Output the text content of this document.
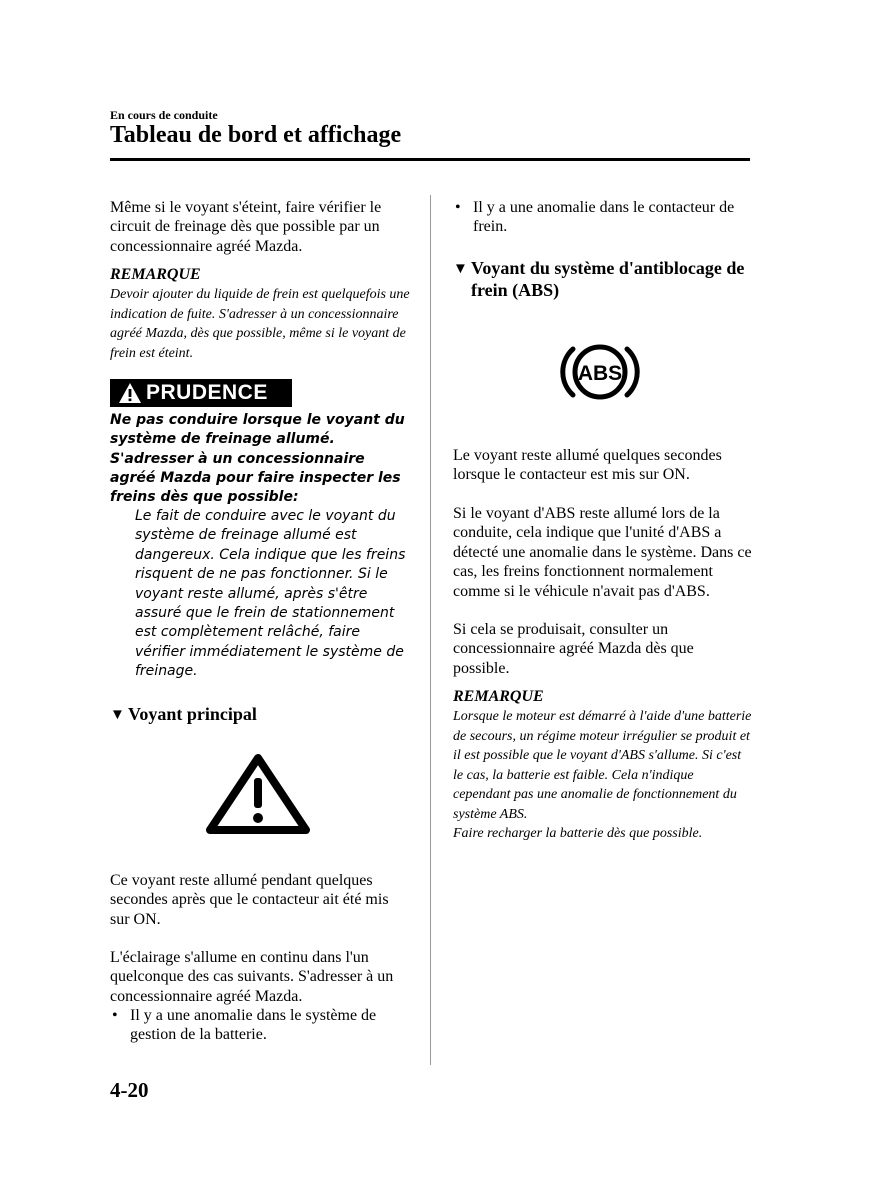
En cours de conduite
Tableau de bord et affichage
Même si le voyant s'éteint, faire vérifier le circuit de freinage dès que possible par un concessionnaire agréé Mazda.
REMARQUE
Devoir ajouter du liquide de frein est quelquefois une indication de fuite. S'adresser à un concessionnaire agréé Mazda, dès que possible, même si le voyant de frein est éteint.
PRUDENCE
Ne pas conduire lorsque le voyant du système de freinage allumé. S'adresser à un concessionnaire agréé Mazda pour faire inspecter les freins dès que possible:
Le fait de conduire avec le voyant du système de freinage allumé est dangereux. Cela indique que les freins risquent de ne pas fonctionner. Si le voyant reste allumé, après s'être assuré que le frein de stationnement est complètement relâché, faire vérifier immédiatement le système de freinage.
▼ Voyant principal
Ce voyant reste allumé pendant quelques secondes après que le contacteur ait été mis sur ON.
L'éclairage s'allume en continu dans l'un quelconque des cas suivants. S'adresser à un concessionnaire agréé Mazda.
• Il y a une anomalie dans le système de gestion de la batterie.
• Il y a une anomalie dans le contacteur de frein.
▼ Voyant du système d'antiblocage de frein (ABS)
ABS
Le voyant reste allumé quelques secondes lorsque le contacteur est mis sur ON.
Si le voyant d'ABS reste allumé lors de la conduite, cela indique que l'unité d'ABS a détecté une anomalie dans le système. Dans ce cas, les freins fonctionnent normalement comme si le véhicule n'avait pas d'ABS.
Si cela se produisait, consulter un concessionnaire agréé Mazda dès que possible.
REMARQUE
Lorsque le moteur est démarré à l'aide d'une batterie de secours, un régime moteur irrégulier se produit et il est possible que le voyant d'ABS s'allume. Si c'est le cas, la batterie est faible. Cela n'indique cependant pas une anomalie de fonctionnement du système ABS.
Faire recharger la batterie dès que possible.
4-20
